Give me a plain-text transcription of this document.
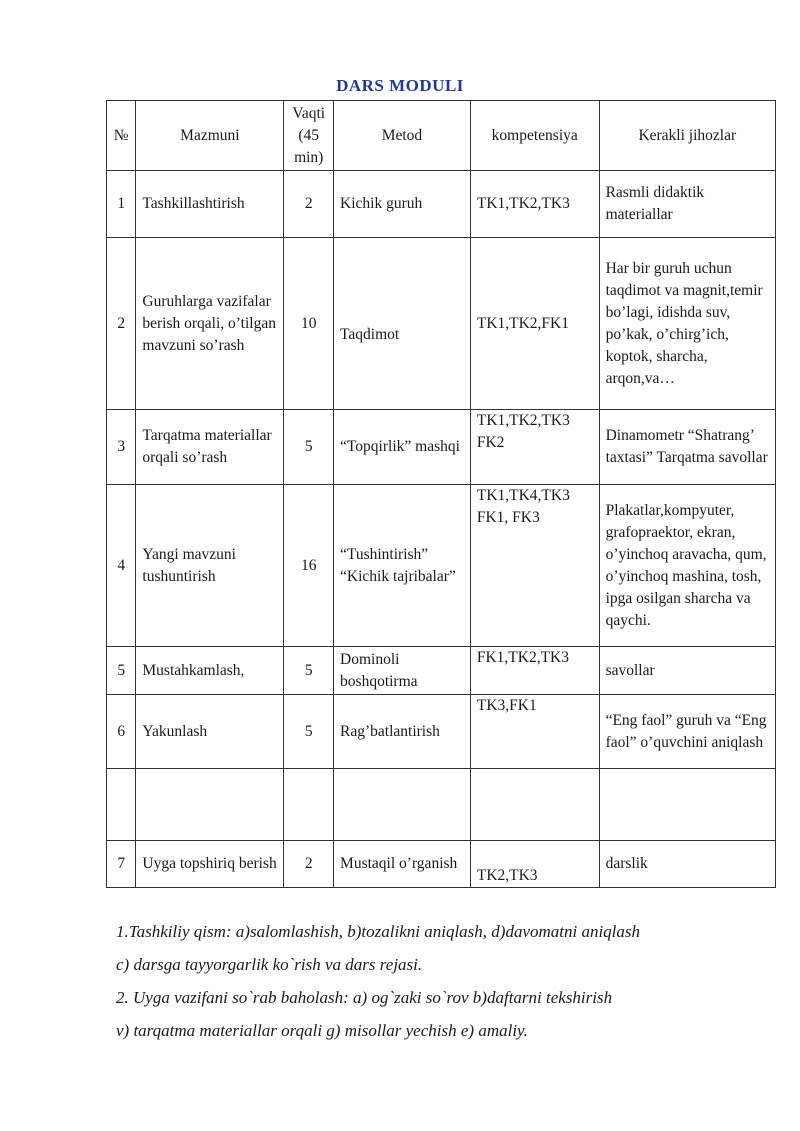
DARS MODULI
№	Mazmuni	Vaqti (45 min)	Metod	kompetensiya	Kerakli jihozlar
1	Tashkillashtirish	2	Kichik guruh	TK1,TK2,TK3	Rasmli didaktik materiallar
2	Guruhlarga vazifalar berish orqali, o’tilgan mavzuni so’rash	10	Taqdimot	TK1,TK2,FK1	Har bir guruh uchun taqdimot va magnit,temir bo’lagi, idishda suv, po’kak, o’chirg’ich, koptok, sharcha, arqon,va…
3	Tarqatma materiallar orqali so’rash	5	“Topqirlik” mashqi	TK1,TK2,TK3 FK2	Dinamometr “Shatrang’ taxtasi” Tarqatma savollar
4	Yangi mavzuni tushuntirish	16	“Tushintirish” “Kichik tajribalar”	TK1,TK4,TK3 FK1, FK3	Plakatlar,kompyuter, grafopraektor, ekran, o’yinchoq aravacha, qum, o’yinchoq mashina, tosh, ipga osilgan sharcha va qaychi.
5	Mustahkamlash,	5	Dominoli boshqotirma	FK1,TK2,TK3	savollar
6	Yakunlash	5	Rag’batlantirish	TK3,FK1	“Eng faol” guruh va “Eng faol” o’quvchini aniqlash

7	Uyga topshiriq berish	2	Mustaqil o’rganish	TK2,TK3	darslik

1.Tashkiliy qism: a)salomlashish, b)tozalikni aniqlash, d)davomatni aniqlash

c) darsga tayyorgarlik ko`rish va dars rejasi.

2. Uyga vazifani so`rab baholash: a) og`zaki so`rov b)daftarni tekshirish

v) tarqatma materiallar orqali g) misollar yechish e) amaliy.
